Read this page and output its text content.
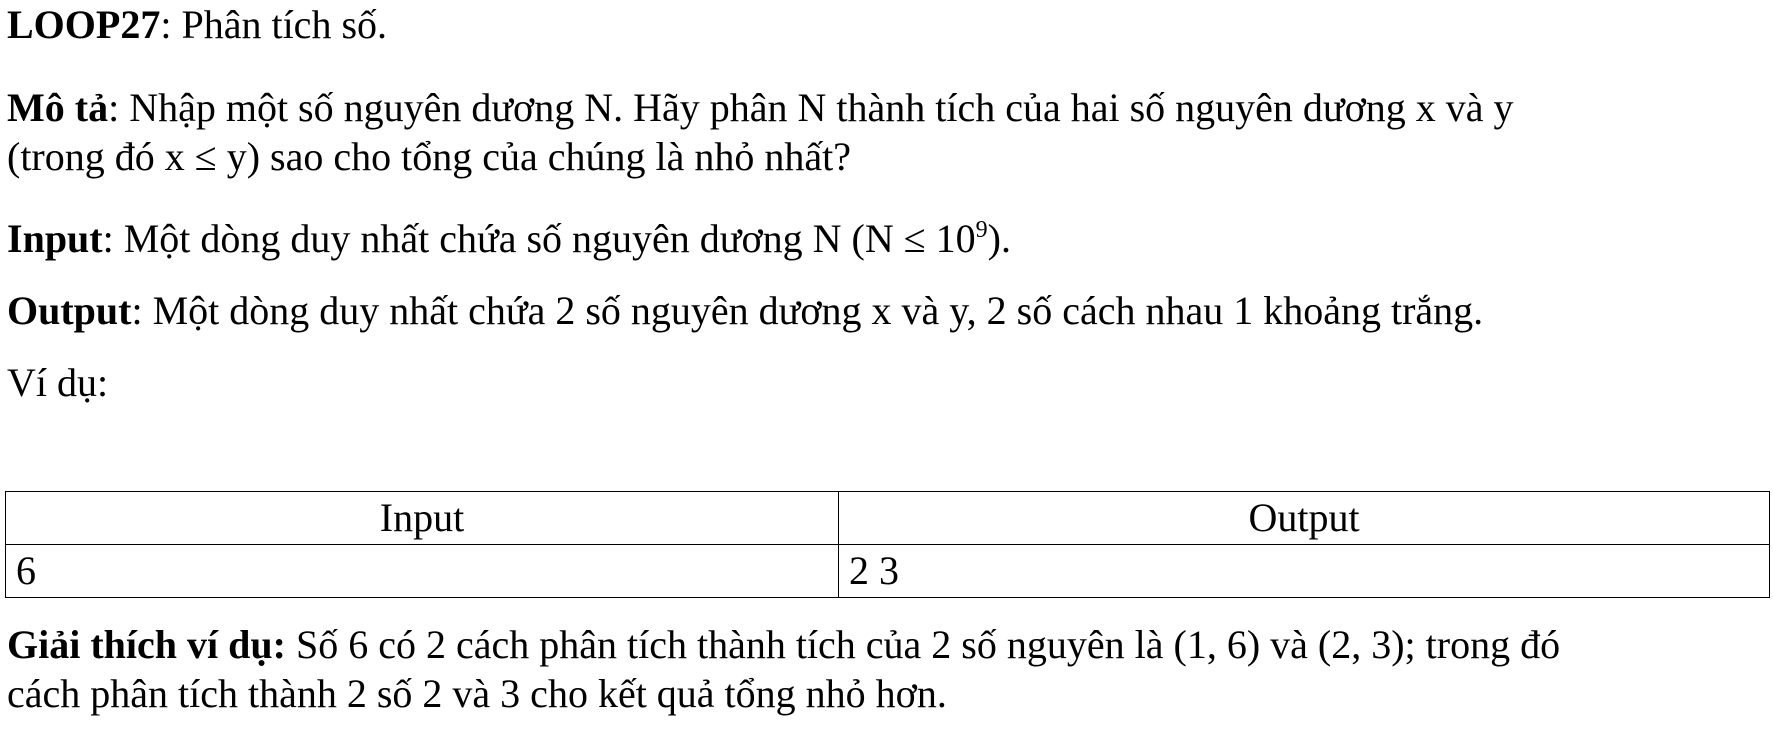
LOOP27: Phân tích số.
Mô tả: Nhập một số nguyên dương N. Hãy phân N thành tích của hai số nguyên dương x và y
(trong đó x ≤ y) sao cho tổng của chúng là nhỏ nhất?
Input: Một dòng duy nhất chứa số nguyên dương N $(N \le 10^9)$.
Output: Một dòng duy nhất chứa 2 số nguyên dương x và y, 2 số cách nhau 1 khoảng trắng.
Ví dụ:
Input	Output
6	2 3
Giải thích ví dụ: Số 6 có 2 cách phân tích thành tích của 2 số nguyên là (1, 6) và (2, 3); trong đó
cách phân tích thành 2 số 2 và 3 cho kết quả tổng nhỏ hơn.
